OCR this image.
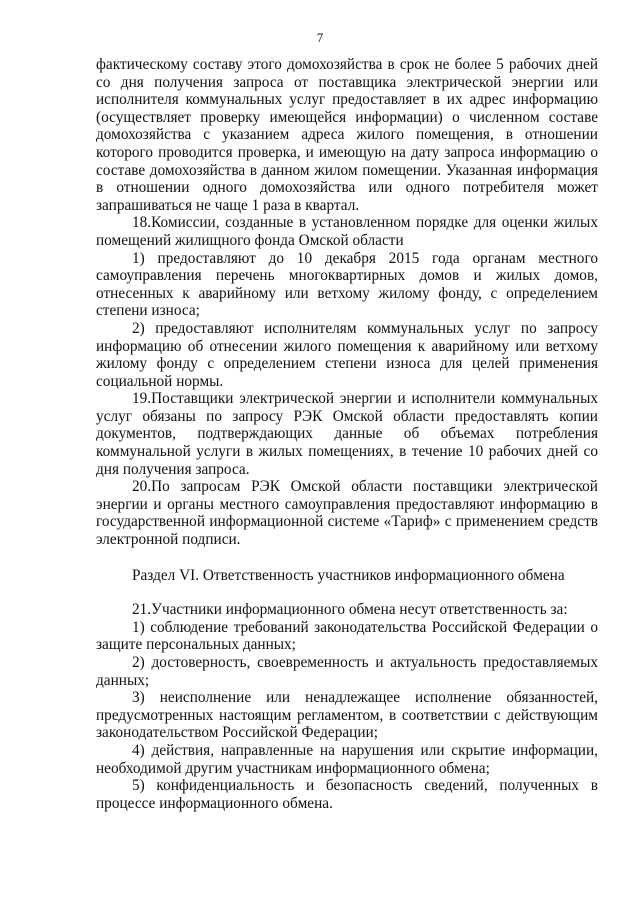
7

фактическому составу этого домохозяйства в срок не более 5 рабочих дней со дня получения запроса от поставщика электрической энергии или исполнителя коммунальных услуг предоставляет в их адрес информацию (осуществляет проверку имеющейся информации) о численном составе домохозяйства с указанием адреса жилого помещения, в отношении которого проводится проверка, и имеющую на дату запроса информацию о составе домохозяйства в данном жилом помещении. Указанная информация в отношении одного домохозяйства или одного потребителя может запрашиваться не чаще 1 раза в квартал.

18.Комиссии, созданные в установленном порядке для оценки жилых помещений жилищного фонда Омской области

1) предоставляют до 10 декабря 2015 года органам местного самоуправления перечень многоквартирных домов и жилых домов, отнесенных к аварийному или ветхому жилому фонду, с определением степени износа;

2) предоставляют исполнителям коммунальных услуг по запросу информацию об отнесении жилого помещения к аварийному или ветхому жилому фонду с определением степени износа для целей применения социальной нормы.

19.Поставщики электрической энергии и исполнители коммунальных услуг обязаны по запросу РЭК Омской области предоставлять копии документов, подтверждающих данные об объемах потребления коммунальной услуги в жилых помещениях, в течение 10 рабочих дней со дня получения запроса.

20.По запросам РЭК Омской области поставщики электрической энергии и органы местного самоуправления предоставляют информацию в государственной информационной системе «Тариф» с применением средств электронной подписи.

Раздел VI. Ответственность участников информационного обмена

21.Участники информационного обмена несут ответственность за:

1) соблюдение требований законодательства Российской Федерации о защите персональных данных;

2) достоверность, своевременность и актуальность предоставляемых данных;

3) неисполнение или ненадлежащее исполнение обязанностей, предусмотренных настоящим регламентом, в соответствии с действующим законодательством Российской Федерации;

4) действия, направленные на нарушения или скрытие информации, необходимой другим участникам информационного обмена;

5) конфиденциальность и безопасность сведений, полученных в процессе информационного обмена.
